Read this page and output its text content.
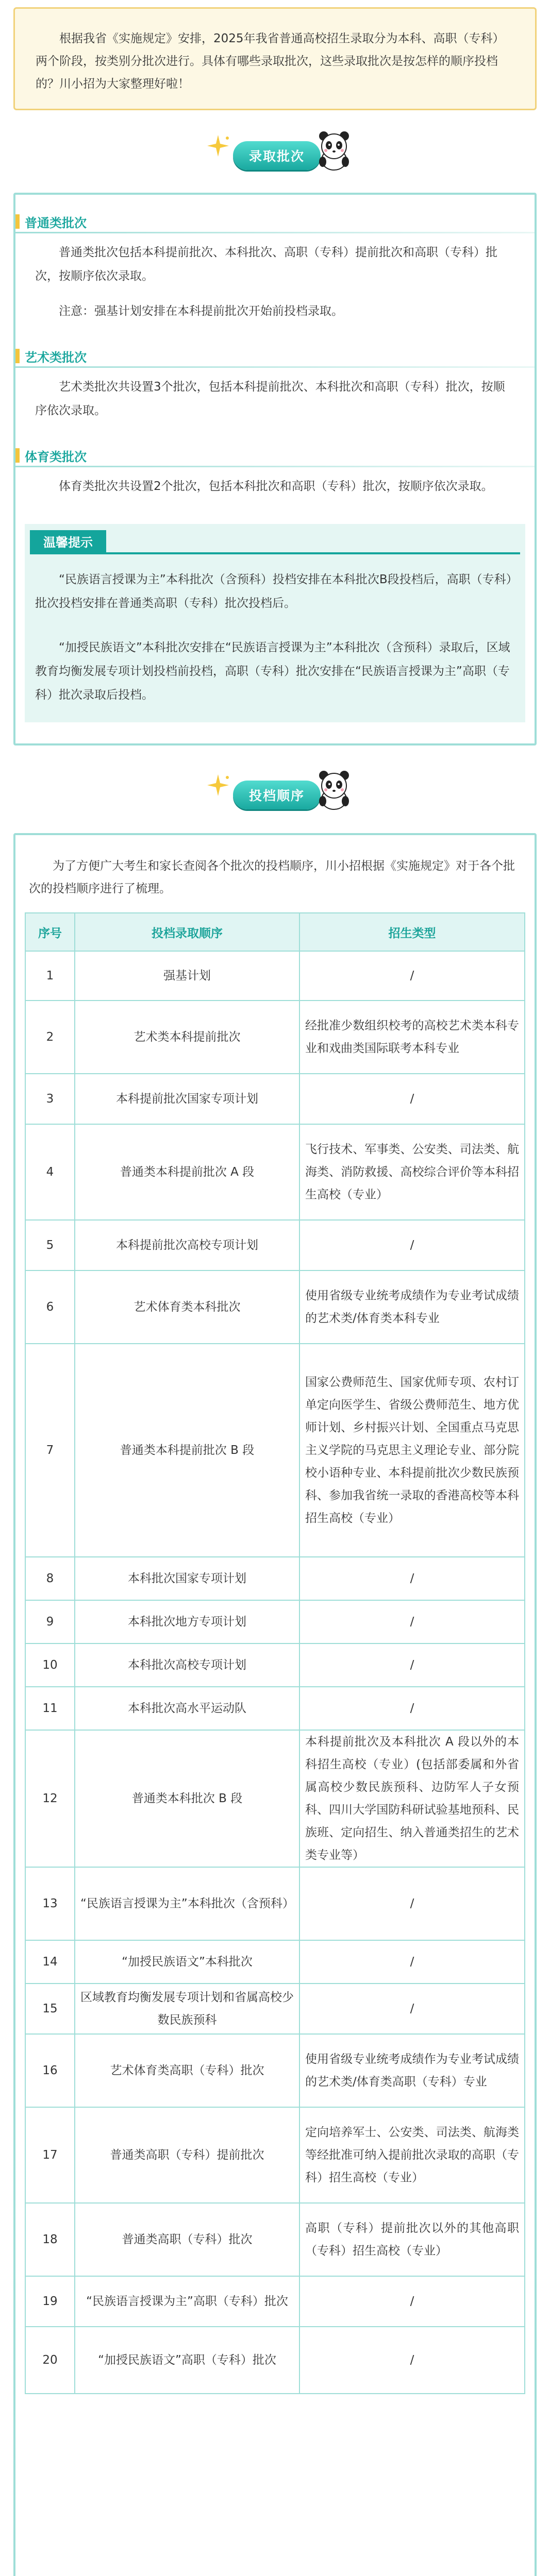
根据我省《实施规定》安排，2025年我省普通高校招生录取分为本科、高职（专科）两个阶段，按类别分批次进行。具体有哪些录取批次，这些录取批次是按怎样的顺序投档的？川小招为大家整理好啦！

录取批次
普通类批次

普通类批次包括本科提前批次、本科批次、高职（专科）提前批次和高职（专科）批次，按顺序依次录取。

注意：强基计划安排在本科提前批次开始前投档录取。

艺术类批次

艺术类批次共设置3个批次，包括本科提前批次、本科批次和高职（专科）批次，按顺序依次录取。

体育类批次

体育类批次共设置2个批次，包括本科批次和高职（专科）批次，按顺序依次录取。

温馨提示

“民族语言授课为主”本科批次（含预科）投档安排在本科批次B段投档后，高职（专科）批次投档安排在普通类高职（专科）批次投档后。

“加授民族语文”本科批次安排在“民族语言授课为主”本科批次（含预科）录取后，区域教育均衡发展专项计划投档前投档，高职（专科）批次安排在“民族语言授课为主”高职（专科）批次录取后投档。

投档顺序

为了方便广大考生和家长查阅各个批次的投档顺序，川小招根据《实施规定》对于各个批次的投档顺序进行了梳理。

序号	投档录取顺序	招生类型
1	强基计划	/
2	艺术类本科提前批次	经批准少数组织校考的高校艺术类本科专业和戏曲类国际联考本科专业
3	本科提前批次国家专项计划	/
4	普通类本科提前批次 A 段	飞行技术、军事类、公安类、司法类、航海类、消防救援、高校综合评价等本科招生高校（专业）
5	本科提前批次高校专项计划	/
6	艺术体育类本科批次	使用省级专业统考成绩作为专业考试成绩的艺术类/体育类本科专业
7	普通类本科提前批次 B 段	国家公费师范生、国家优师专项、农村订单定向医学生、省级公费师范生、地方优师计划、乡村振兴计划、全国重点马克思主义学院的马克思主义理论专业、部分院校小语种专业、本科提前批次少数民族预科、参加我省统一录取的香港高校等本科招生高校（专业）
8	本科批次国家专项计划	/
9	本科批次地方专项计划	/
10	本科批次高校专项计划	/
11	本科批次高水平运动队	/
12	普通类本科批次 B 段	本科提前批次及本科批次 A 段以外的本科招生高校（专业）(包括部委属和外省属高校少数民族预科、边防军人子女预科、四川大学国防科研试验基地预科、民族班、定向招生、纳入普通类招生的艺术类专业等）
13	“民族语言授课为主”本科批次（含预科）	/
14	“加授民族语文”本科批次	/
15	区域教育均衡发展专项计划和省属高校少数民族预科	/
16	艺术体育类高职（专科）批次	使用省级专业统考成绩作为专业考试成绩的艺术类/体育类高职（专科）专业
17	普通类高职（专科）提前批次	定向培养军士、公安类、司法类、航海类等经批准可纳入提前批次录取的高职（专科）招生高校（专业）
18	普通类高职（专科）批次	高职（专科）提前批次以外的其他高职（专科）招生高校（专业）
19	“民族语言授课为主”高职（专科）批次	/
20	“加授民族语文”高职（专科）批次	/
